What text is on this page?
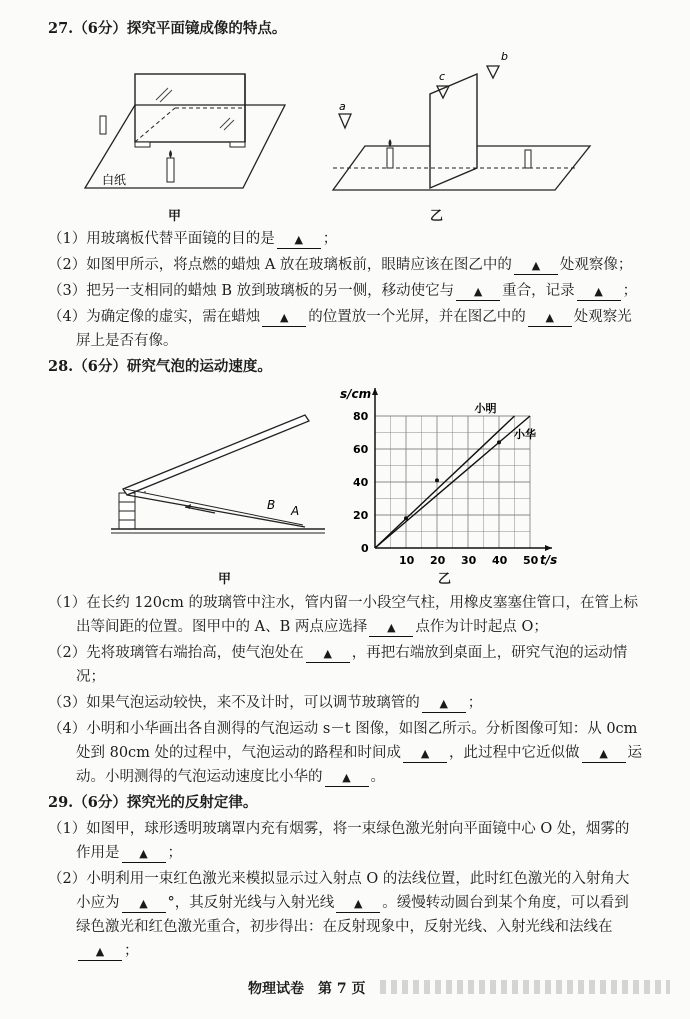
27.（6分）探究平面镜成像的特点。
白纸
a
c
b
甲	乙
（1）用玻璃板代替平面镜的目的是 ▲ ；
（2）如图甲所示，将点燃的蜡烛 A 放在玻璃板前，眼睛应该在图乙中的 ▲ 处观察像；
（3）把另一支相同的蜡烛 B 放到玻璃板的另一侧，移动使它与 ▲ 重合，记录 ▲ ；
（4）为确定像的虚实，需在蜡烛 ▲ 的位置放一个光屏，并在图乙中的 ▲ 处观察光
屏上是否有像。
28.（6分）研究气泡的运动速度。
B A
t/s
s/cm
0
10 20 30 40 50
20
40
60
80
小明
小华
甲	乙
（1）在长约 120cm 的玻璃管中注水，管内留一小段空气柱，用橡皮塞塞住管口，在管上标
出等间距的位置。图甲中的 A、B 两点应选择 ▲ 点作为计时起点 O；
（2）先将玻璃管右端抬高，使气泡处在 ▲ ，再把右端放到桌面上，研究气泡的运动情
况；
（3）如果气泡运动较快，来不及计时，可以调节玻璃管的 ▲ ；
（4）小明和小华画出各自测得的气泡运动 s－t 图像，如图乙所示。分析图像可知：从 0cm
处到 80cm 处的过程中，气泡运动的路程和时间成 ▲ ，此过程中它近似做 ▲ 运
动。小明测得的气泡运动速度比小华的 ▲ 。
29.（6分）探究光的反射定律。
（1）如图甲，球形透明玻璃罩内充有烟雾，将一束绿色激光射向平面镜中心 O 处，烟雾的
作用是 ▲ ；
（2）小明利用一束红色激光来模拟显示过入射点 O 的法线位置，此时红色激光的入射角大
小应为 ▲ °，其反射光线与入射光线 ▲ 。缓慢转动圆台到某个角度，可以看到
绿色激光和红色激光重合，初步得出：在反射现象中，反射光线、入射光线和法线在
▲ ；
物理试卷　第 7 页
